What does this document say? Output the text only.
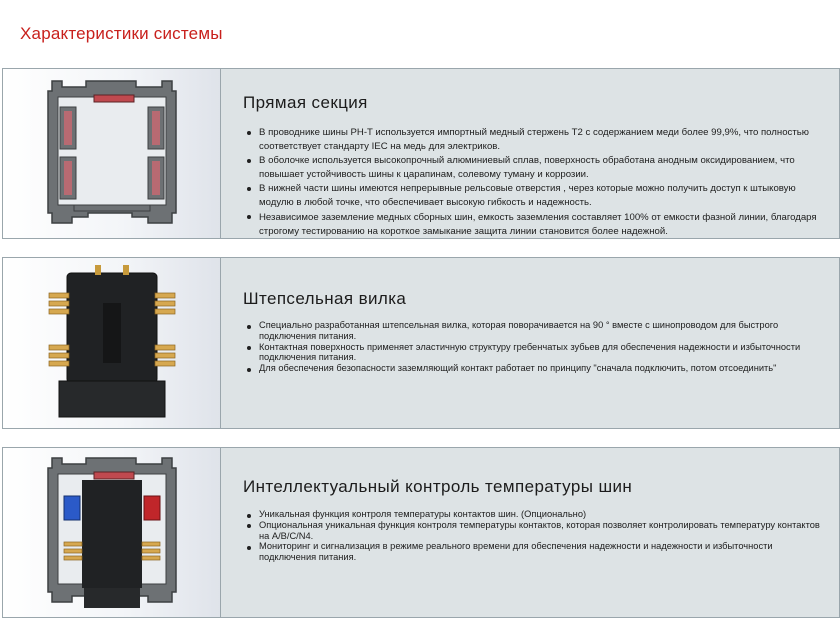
Характеристики системы
Прямая секция
В проводнике шины PH-T используется импортный медный стержень T2 с содержанием меди более 99,9%, что полностью соответствует стандарту IEC на медь для электриков.
В оболочке используется высокопрочный алюминиевый сплав, поверхность обработана анодным оксидированием, что повышает устойчивость шины к царапинам, солевому туману и коррозии.
В нижней части шины имеются непрерывные рельсовые отверстия , через которые можно получить доступ к штыковую модулю в любой точке, что обеспечивает высокую гибкость и надежность.
Независимое заземление медных сборных шин, емкость заземления составляет 100% от емкости фазной линии, благодаря строгому тестированию на короткое замыкание защита линии становится более надежной.
Штепсельная вилка
Специально разработанная штепсельная вилка, которая поворачивается на 90 ° вместе с шинопроводом для быстрого подключения питания.
Контактная поверхность применяет эластичную структуру гребенчатых зубьев для обеспечения надежности и избыточности подключения питания.
Для обеспечения безопасности заземляющий контакт работает по принципу "сначала подключить, потом отсоединить"
Интеллектуальный контроль температуры шин
Уникальная функция контроля температуры контактов шин. (Опционально)
Опциональная уникальная функция контроля температуры контактов, которая позволяет контролировать температуру контактов на A/B/C/N4.
Мониторинг и сигнализация в режиме реального времени для обеспечения надежности и надежности и избыточности подключения питания.
